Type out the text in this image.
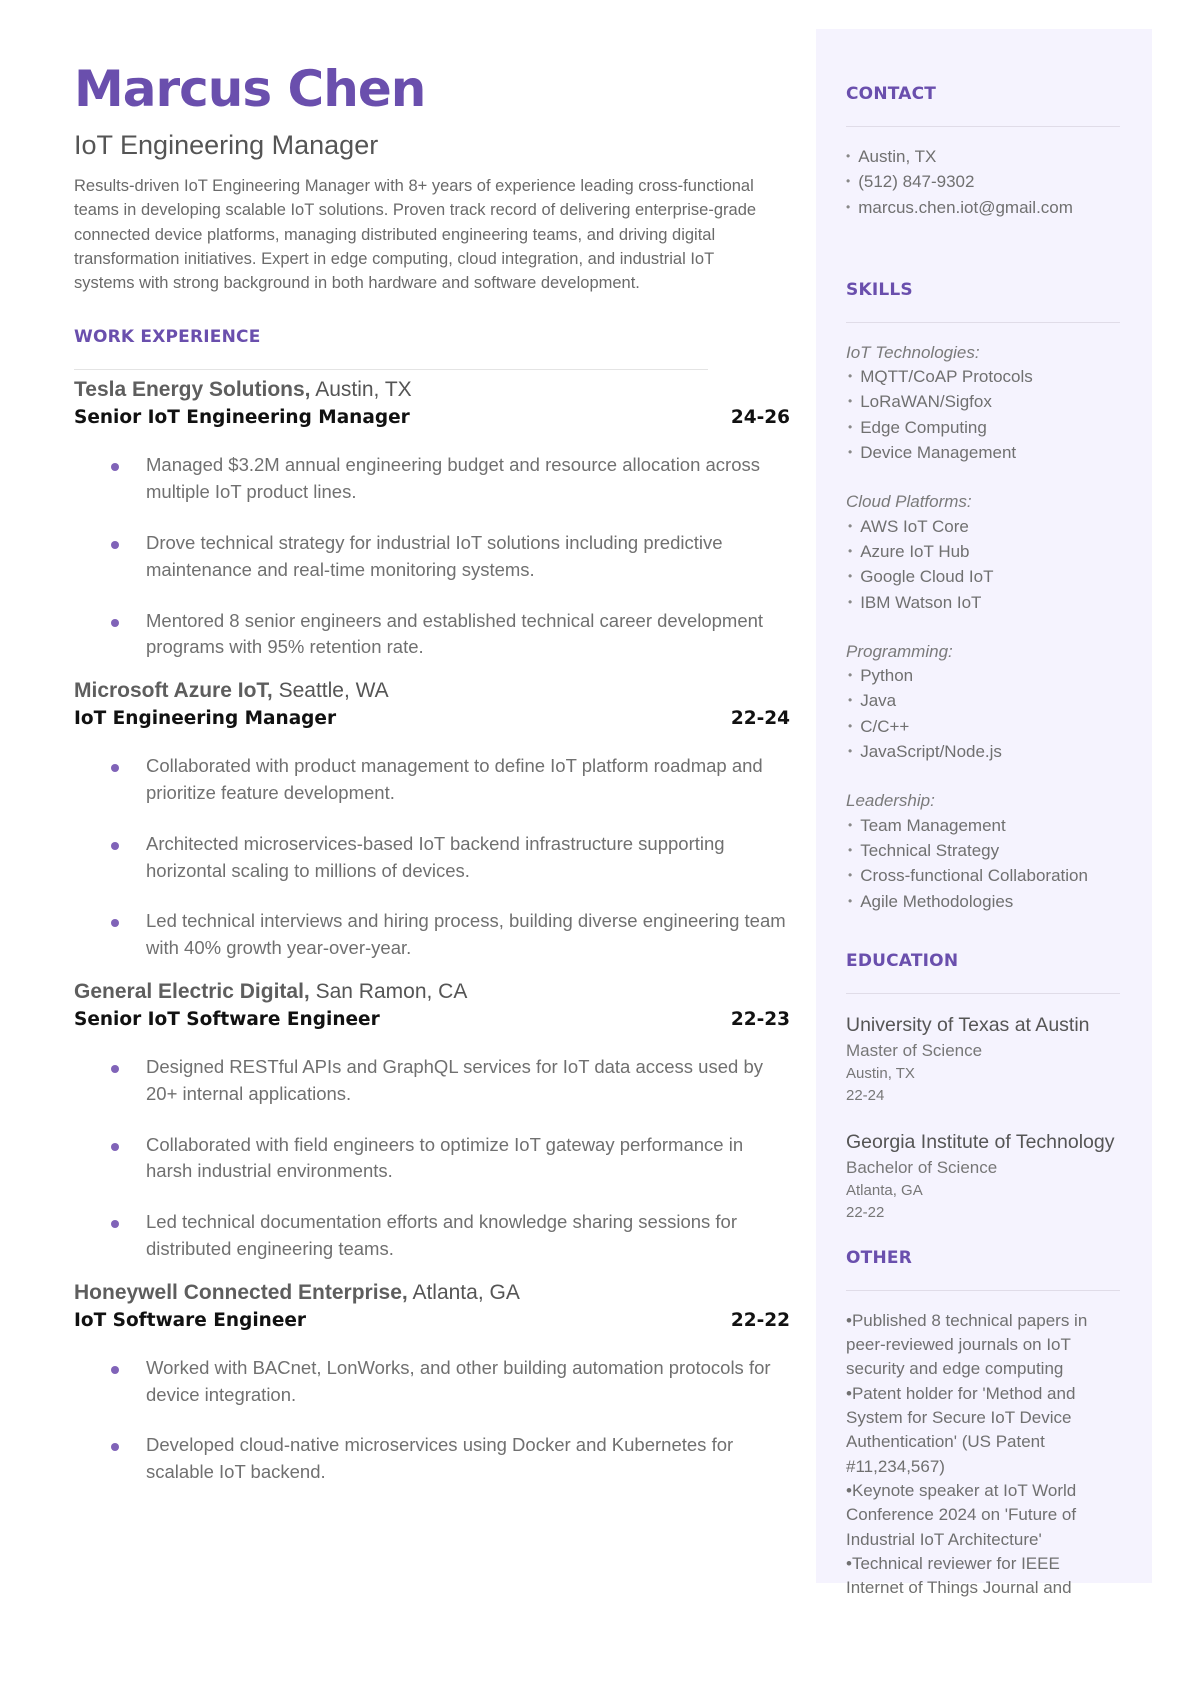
Marcus Chen
IoT Engineering Manager
Results-driven IoT Engineering Manager with 8+ years of experience leading cross-functional teams in developing scalable IoT solutions. Proven track record of delivering enterprise-grade connected device platforms, managing distributed engineering teams, and driving digital transformation initiatives. Expert in edge computing, cloud integration, and industrial IoT systems with strong background in both hardware and software development.
WORK EXPERIENCE
Tesla Energy Solutions, Austin, TX
Senior IoT Engineering Manager	24-26
Managed $3.2M annual engineering budget and resource allocation across multiple IoT product lines.
Drove technical strategy for industrial IoT solutions including predictive maintenance and real-time monitoring systems.
Mentored 8 senior engineers and established technical career development programs with 95% retention rate.
Microsoft Azure IoT, Seattle, WA
IoT Engineering Manager	22-24
Collaborated with product management to define IoT platform roadmap and prioritize feature development.
Architected microservices-based IoT backend infrastructure supporting horizontal scaling to millions of devices.
Led technical interviews and hiring process, building diverse engineering team with 40% growth year-over-year.
General Electric Digital, San Ramon, CA
Senior IoT Software Engineer	22-23
Designed RESTful APIs and GraphQL services for IoT data access used by 20+ internal applications.
Collaborated with field engineers to optimize IoT gateway performance in harsh industrial environments.
Led technical documentation efforts and knowledge sharing sessions for distributed engineering teams.
Honeywell Connected Enterprise, Atlanta, GA
IoT Software Engineer	22-22
Worked with BACnet, LonWorks, and other building automation protocols for device integration.
Developed cloud-native microservices using Docker and Kubernetes for scalable IoT backend.
CONTACT
• Austin, TX
• (512) 847-9302
• marcus.chen.iot@gmail.com
SKILLS
IoT Technologies:
• MQTT/CoAP Protocols
• LoRaWAN/Sigfox
• Edge Computing
• Device Management
Cloud Platforms:
• AWS IoT Core
• Azure IoT Hub
• Google Cloud IoT
• IBM Watson IoT
Programming:
• Python
• Java
• C/C++
• JavaScript/Node.js
Leadership:
• Team Management
• Technical Strategy
• Cross-functional Collaboration
• Agile Methodologies
EDUCATION
University of Texas at Austin
Master of Science
Austin, TX
22-24
Georgia Institute of Technology
Bachelor of Science
Atlanta, GA
22-22
OTHER
•Published 8 technical papers in peer-reviewed journals on IoT security and edge computing
•Patent holder for 'Method and System for Secure IoT Device Authentication' (US Patent #11,234,567)
•Keynote speaker at IoT World Conference 2024 on 'Future of Industrial IoT Architecture'
•Technical reviewer for IEEE Internet of Things Journal and
